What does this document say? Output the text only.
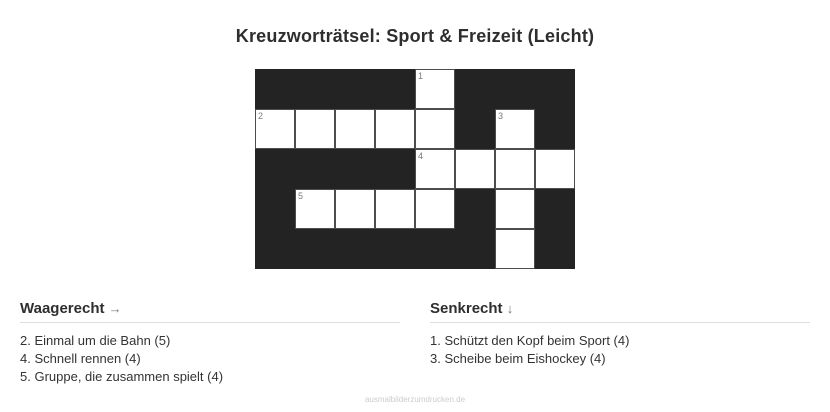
Kreuzworträtsel: Sport & Freizeit (Leicht)
1
2	3
4
5
Waagerecht →
2. Einmal um die Bahn (5)
4. Schnell rennen (4)
5. Gruppe, die zusammen spielt (4)
Senkrecht ↓
1. Schützt den Kopf beim Sport (4)
3. Scheibe beim Eishockey (4)
ausmalbilderzumdrucken.de
